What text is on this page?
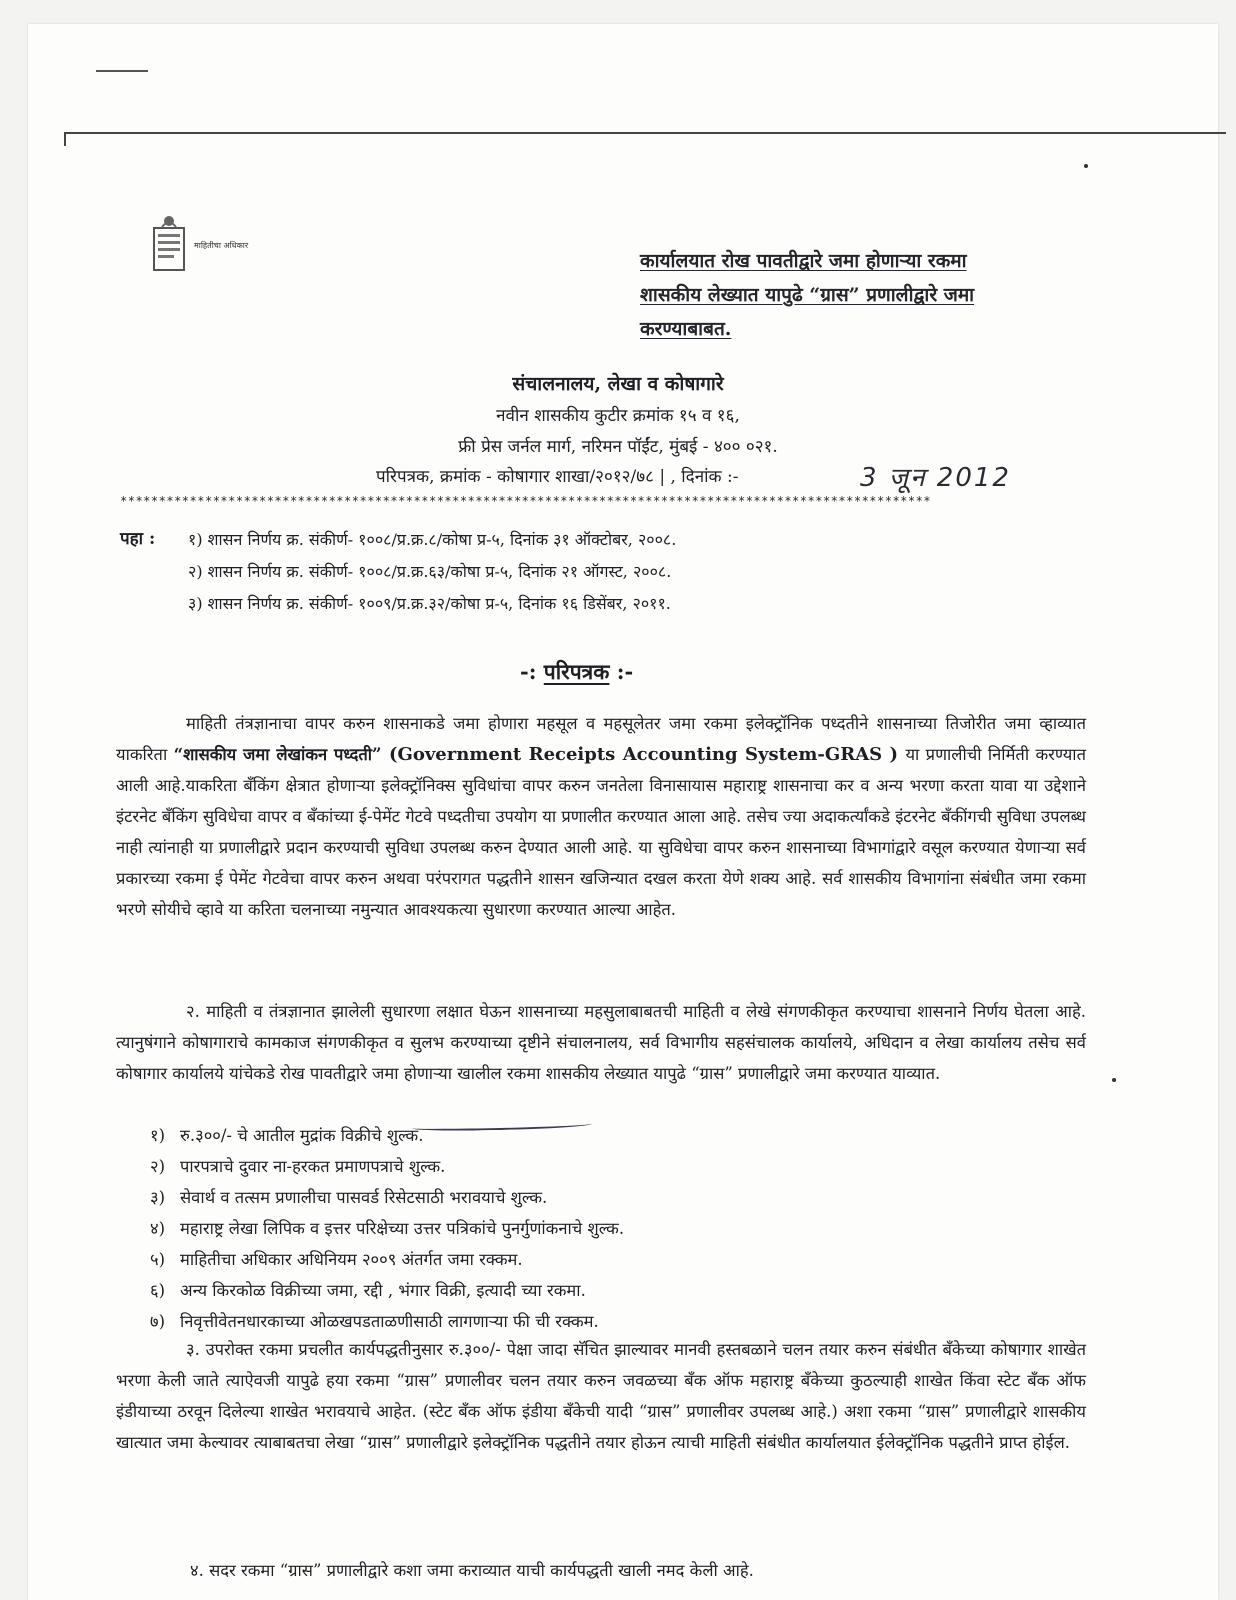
माहितीचा अधिकार
कार्यालयात रोख पावतीद्वारे जमा होणाऱ्या रकमा
शासकीय लेख्यात यापुढे “ग्रास” प्रणालीद्वारे जमा
करण्याबाबत.
संचालनालय, लेखा व कोषागारे
नवीन शासकीय कुटीर क्रमांक १५ व १६,
फ्री प्रेस जर्नल मार्ग, नरिमन पॉईंट, मुंबई - ४०० ०२१.
परिपत्रक, क्रमांक - कोषागार शाखा/२०१२/७८ | , दिनांक :-	3 जून 2012
*********************************************************************************************************
पहा : १) शासन निर्णय क्र. संकीर्ण- १००८/प्र.क्र.८/कोषा प्र-५, दिनांक ३१ ऑक्टोबर, २००८.
२) शासन निर्णय क्र. संकीर्ण- १००८/प्र.क्र.६३/कोषा प्र-५, दिनांक २१ ऑगस्ट, २००८.
३) शासन निर्णय क्र. संकीर्ण- १००९/प्र.क्र.३२/कोषा प्र-५, दिनांक १६ डिसेंबर, २०११.
-: परिपत्रक :-
माहिती तंत्रज्ञानाचा वापर करुन शासनाकडे जमा होणारा महसूल व महसूलेतर जमा रकमा इलेक्ट्रॉनिक पध्दतीने शासनाच्या तिजोरीत जमा व्हाव्यात याकरिता “शासकीय जमा लेखांकन पध्दती” (Government Receipts Accounting System-GRAS ) या प्रणालीची निर्मिती करण्यात आली आहे.याकरिता बँकिंग क्षेत्रात होणाऱ्या इलेक्ट्रॉनिक्स सुविधांचा वापर करुन जनतेला विनासायास महाराष्ट्र शासनाचा कर व अन्य भरणा करता यावा या उद्देशाने इंटरनेट बँकिंग सुविधेचा वापर व बँकांच्या ई-पेमेंट गेटवे पध्दतीचा उपयोग या प्रणालीत करण्यात आला आहे. तसेच ज्या अदाकर्त्यांकडे इंटरनेट बँकींगची सुविधा उपलब्ध नाही त्यांनाही या प्रणालीद्वारे प्रदान करण्याची सुविधा उपलब्ध करुन देण्यात आली आहे. या सुविधेचा वापर करुन शासनाच्या विभागांद्वारे वसूल करण्यात येणाऱ्या सर्व प्रकारच्या रकमा ई पेमेंट गेटवेचा वापर करुन अथवा परंपरागत पद्धतीने शासन खजिन्यात दखल करता येणे शक्य आहे. सर्व शासकीय विभागांना संबंधीत जमा रकमा भरणे सोयीचे व्हावे या करिता चलनाच्या नमुन्यात आवश्यकत्या सुधारणा करण्यात आल्या आहेत.
२. माहिती व तंत्रज्ञानात झालेली सुधारणा लक्षात घेऊन शासनाच्या महसुलाबाबतची माहिती व लेखे संगणकीकृत करण्याचा शासनाने निर्णय घेतला आहे. त्यानुषंगाने कोषागाराचे कामकाज संगणकीकृत व सुलभ करण्याच्या दृष्टीने संचालनालय, सर्व विभागीय सहसंचालक कार्यालये, अधिदान व लेखा कार्यालय तसेच सर्व कोषागार कार्यालये यांचेकडे रोख पावतीद्वारे जमा होणाऱ्या खालील रकमा शासकीय लेख्यात यापुढे “ग्रास” प्रणालीद्वारे जमा करण्यात याव्यात.
१) रु.३००/- चे आतील मुद्रांक विक्रीचे शुल्क.
२) पारपत्राचे दुवार ना-हरकत प्रमाणपत्राचे शुल्क.
३) सेवार्थ व तत्सम प्रणालीचा पासवर्ड रिसेटसाठी भरावयाचे शुल्क.
४) महाराष्ट्र लेखा लिपिक व इत्तर परिक्षेच्या उत्तर पत्रिकांचे पुनर्गुणांकनाचे शुल्क.
५) माहितीचा अधिकार अधिनियम २००९ अंतर्गत जमा रक्कम.
६) अन्य किरकोळ विक्रीच्या जमा, रद्दी , भंगार विक्री, इत्यादी च्या रकमा.
७) निवृत्तीवेतनधारकाच्या ओळखपडताळणीसाठी लागणाऱ्या फी ची रक्कम.
३. उपरोक्त रकमा प्रचलीत कार्यपद्धतीनुसार रु.३००/- पेक्षा जादा सॅचित झाल्यावर मानवी हस्तबळाने चलन तयार करुन संबंधीत बँकेच्या कोषागार शाखेत भरणा केली जाते त्याऐवजी यापुढे हया रकमा “ग्रास” प्रणालीवर चलन तयार करुन जवळच्या बँक ऑफ महाराष्ट्र बँकेच्या कुठल्याही शाखेत किंवा स्टेट बँक ऑफ इंडीयाच्या ठरवून दिलेल्या शाखेत भरावयाचे आहेत. (स्टेट बँक ऑफ इंडीया बँकेची यादी “ग्रास” प्रणालीवर उपलब्ध आहे.) अशा रकमा “ग्रास” प्रणालीद्वारे शासकीय खात्यात जमा केल्यावर त्याबाबतचा लेखा “ग्रास” प्रणालीद्वारे इलेक्ट्रॉनिक पद्धतीने तयार होऊन त्याची माहिती संबंधीत कार्यालयात ईलेक्ट्रॉनिक पद्धतीने प्राप्त होईल.
४. सदर रकमा “ग्रास” प्रणालीद्वारे कशा जमा कराव्यात याची कार्यपद्धती खाली नमद केली आहे.
